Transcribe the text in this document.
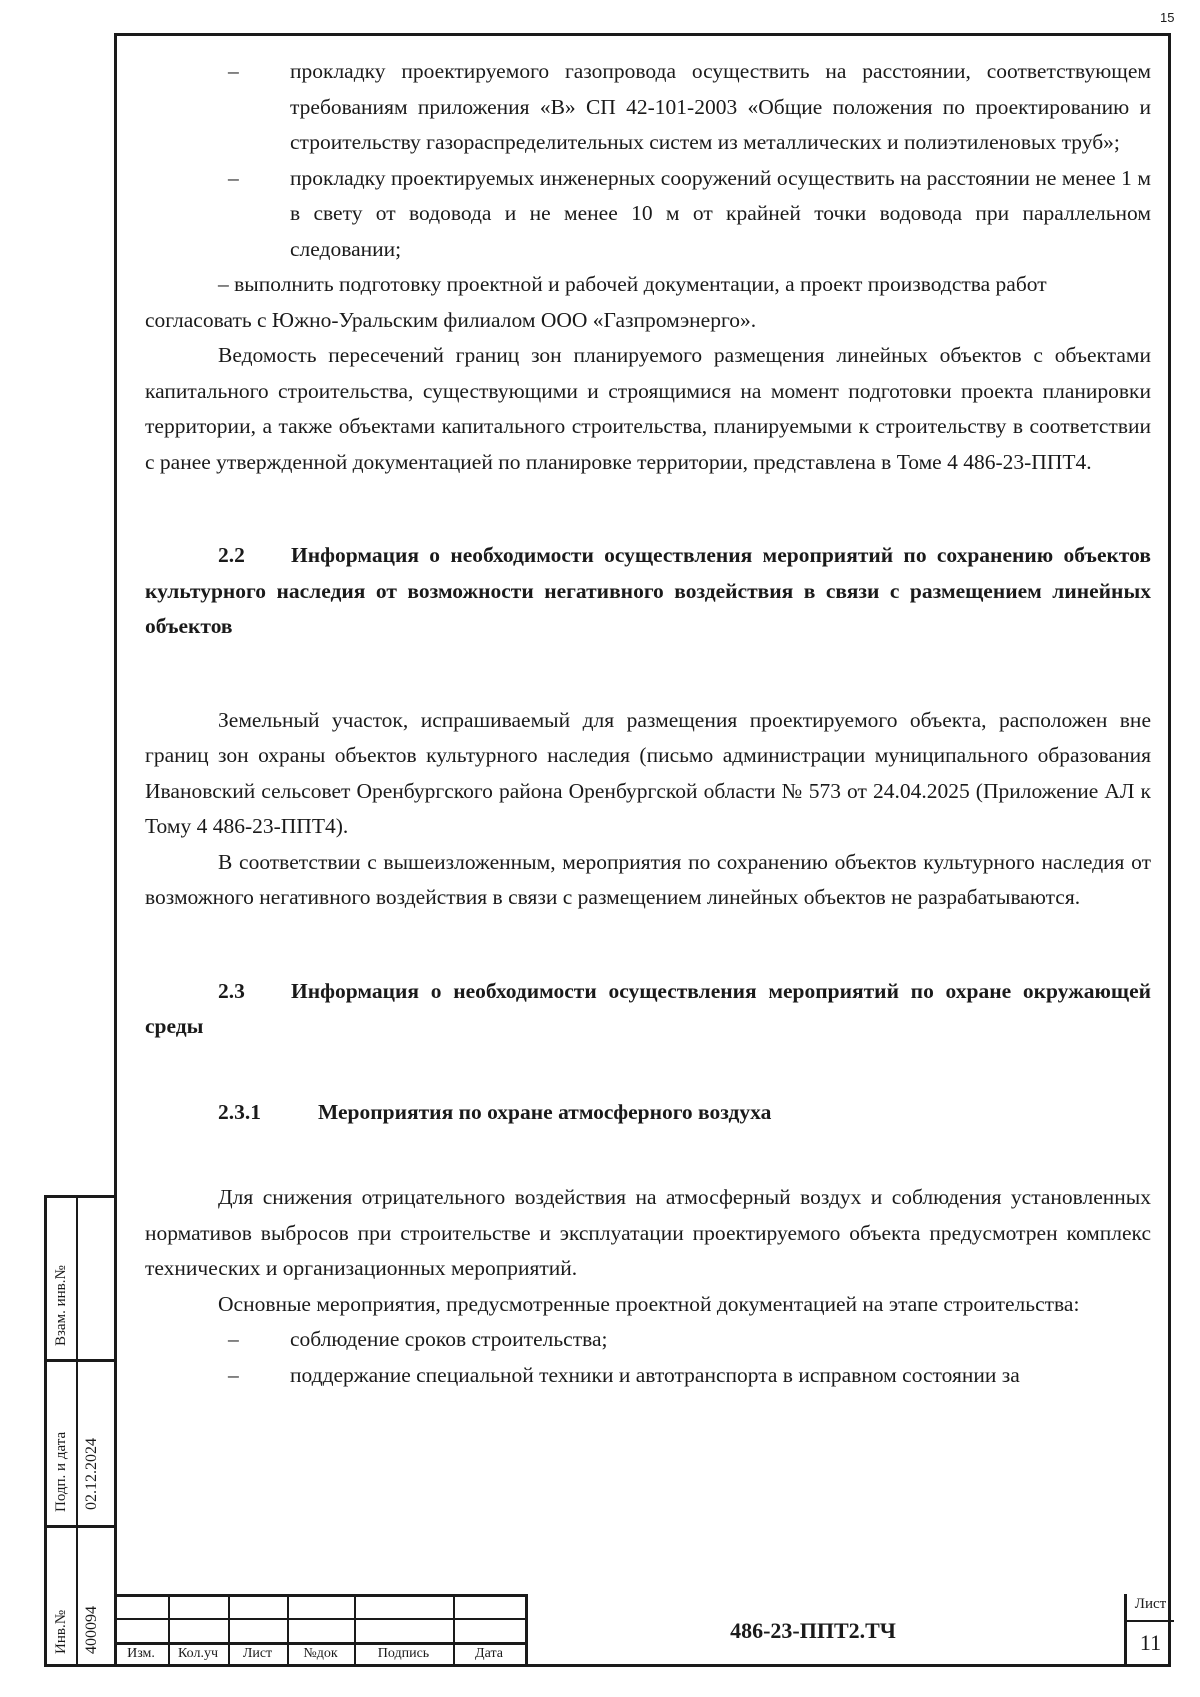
15
Взам. инв.№
Подп. и дата 02.12.2024
Инв.№ 400094

– прокладку проектируемого газопровода осуществить на расстоянии, соответствующем требованиям приложения «В» СП 42-101-2003 «Общие положения по проектированию и строительству газораспределительных систем из металлических и полиэтиленовых труб»;

– прокладку проектируемых инженерных сооружений осуществить на расстоянии не менее 1 м в свету от водовода и не менее 10 м от крайней точки водовода при параллельном следовании;

– выполнить подготовку проектной и рабочей документации, а проект производства работ согласовать с Южно-Уральским филиалом ООО «Газпромэнерго».

Ведомость пересечений границ зон планируемого размещения линейных объектов с объектами капитального строительства, существующими и строящимися на момент подготовки проекта планировки территории, а также объектами капитального строительства, планируемыми к строительству в соответствии с ранее утвержденной документацией по планировке территории, представлена в Томе 4 486-23-ППТ4.

2.2 Информация о необходимости осуществления мероприятий по сохранению объектов культурного наследия от возможности негативного воздействия в связи с размещением линейных объектов

Земельный участок, испрашиваемый для размещения проектируемого объекта, расположен вне границ зон охраны объектов культурного наследия (письмо администрации муниципального образования Ивановский сельсовет Оренбургского района Оренбургской области № 573 от 24.04.2025 (Приложение АЛ к Тому 4 486-23-ППТ4).

В соответствии с вышеизложенным, мероприятия по сохранению объектов культурного наследия от возможного негативного воздействия в связи с размещением линейных объектов не разрабатываются.

2.3 Информация о необходимости осуществления мероприятий по охране окружающей среды

2.3.1	Мероприятия по охране атмосферного воздуха

Для снижения отрицательного воздействия на атмосферный воздух и соблюдения установленных нормативов выбросов при строительстве и эксплуатации проектируемого объекта предусмотрен комплекс технических и организационных мероприятий.

Основные мероприятия, предусмотренные проектной документацией на этапе строительства:

– соблюдение сроков строительства;

– поддержание специальной техники и автотранспорта в исправном состоянии за

Изм.	Кол.уч	Лист	№док	Подпись	Дата
486-23-ППТ2.ТЧ
Лист
11
